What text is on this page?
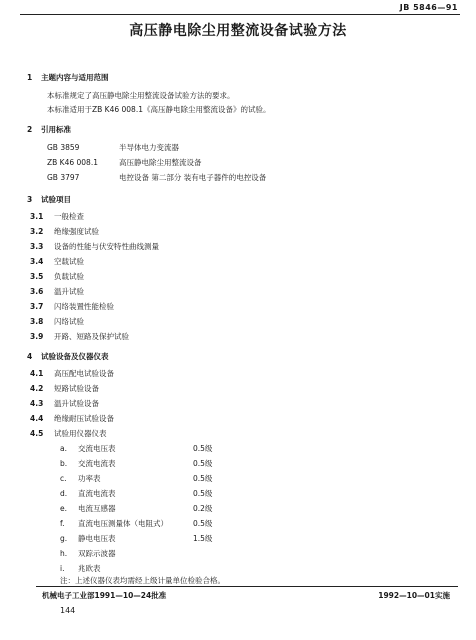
JB 5846—91
高压静电除尘用整流设备试验方法
1 主题内容与适用范围
本标准规定了高压静电除尘用整流设备试验方法的要求。
本标准适用于ZB K46 008.1《高压静电除尘用整流设备》的试验。
2 引用标准
GB 3859	半导体电力变流器
ZB K46 008.1	高压静电除尘用整流设备
GB 3797	电控设备 第二部分 装有电子器件的电控设备
3 试验项目
3.1 一般检查
3.2 绝缘强度试验
3.3 设备的性能与伏安特性曲线测量
3.4 空载试验
3.5 负载试验
3.6 温升试验
3.7 闪络装置性能检验
3.8 闪络试验
3.9 开路、短路及保护试验
4 试验设备及仪器仪表
4.1 高压配电试验设备
4.2 短路试验设备
4.3 温升试验设备
4.4 绝缘耐压试验设备
4.5 试验用仪器仪表
a. 交流电压表	0.5级
b. 交流电流表	0.5级
c. 功率表	0.5级
d. 直流电流表	0.5级
e. 电流互感器	0.2级
f. 直流电压测量体（电阻式）	0.5级
g. 静电电压表	1.5级
h. 双踪示波器
i. 兆欧表
注：上述仪器仪表均需经上级计量单位检验合格。
机械电子工业部1991—10—24批准	1992—10—01实施
144
